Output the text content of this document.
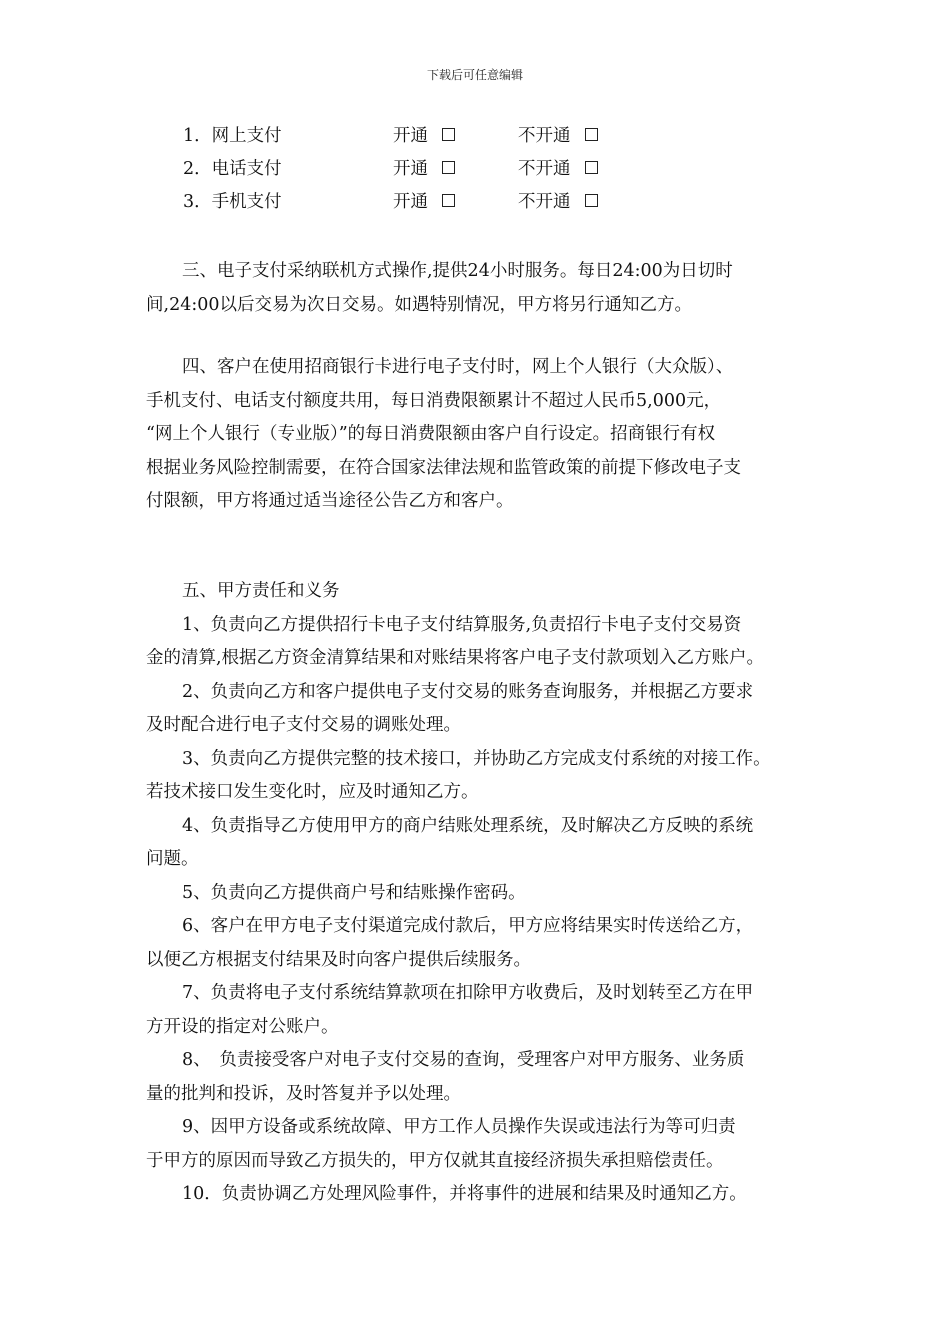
下载后可任意编辑
1．网上支付	开通	不开通
2．电话支付	开通	不开通
3．手机支付	开通	不开通
三、电子支付采纳联机方式操作,提供24小时服务。每日24:00为日切时
间,24:00以后交易为次日交易。如遇特别情况，甲方将另行通知乙方。
四、客户在使用招商银行卡进行电子支付时，网上个人银行（大众版）、
手机支付、电话支付额度共用，每日消费限额累计不超过人民币5,000元，
“网上个人银行（专业版）”的每日消费限额由客户自行设定。招商银行有权
根据业务风险控制需要，在符合国家法律法规和监管政策的前提下修改电子支
付限额，甲方将通过适当途径公告乙方和客户。
五、甲方责任和义务
1、负责向乙方提供招行卡电子支付结算服务,负责招行卡电子支付交易资
金的清算,根据乙方资金清算结果和对账结果将客户电子支付款项划入乙方账户。
2、负责向乙方和客户提供电子支付交易的账务查询服务，并根据乙方要求
及时配合进行电子支付交易的调账处理。
3、负责向乙方提供完整的技术接口，并协助乙方完成支付系统的对接工作。
若技术接口发生变化时，应及时通知乙方。
4、负责指导乙方使用甲方的商户结账处理系统，及时解决乙方反映的系统
问题。
5、负责向乙方提供商户号和结账操作密码。
6、客户在甲方电子支付渠道完成付款后，甲方应将结果实时传送给乙方，
以便乙方根据支付结果及时向客户提供后续服务。
7、负责将电子支付系统结算款项在扣除甲方收费后，及时划转至乙方在甲
方开设的指定对公账户。
8、　负责接受客户对电子支付交易的查询，受理客户对甲方服务、业务质
量的批判和投诉，及时答复并予以处理。
9、因甲方设备或系统故障、甲方工作人员操作失误或违法行为等可归责
于甲方的原因而导致乙方损失的，甲方仅就其直接经济损失承担赔偿责任。
10．负责协调乙方处理风险事件，并将事件的进展和结果及时通知乙方。
